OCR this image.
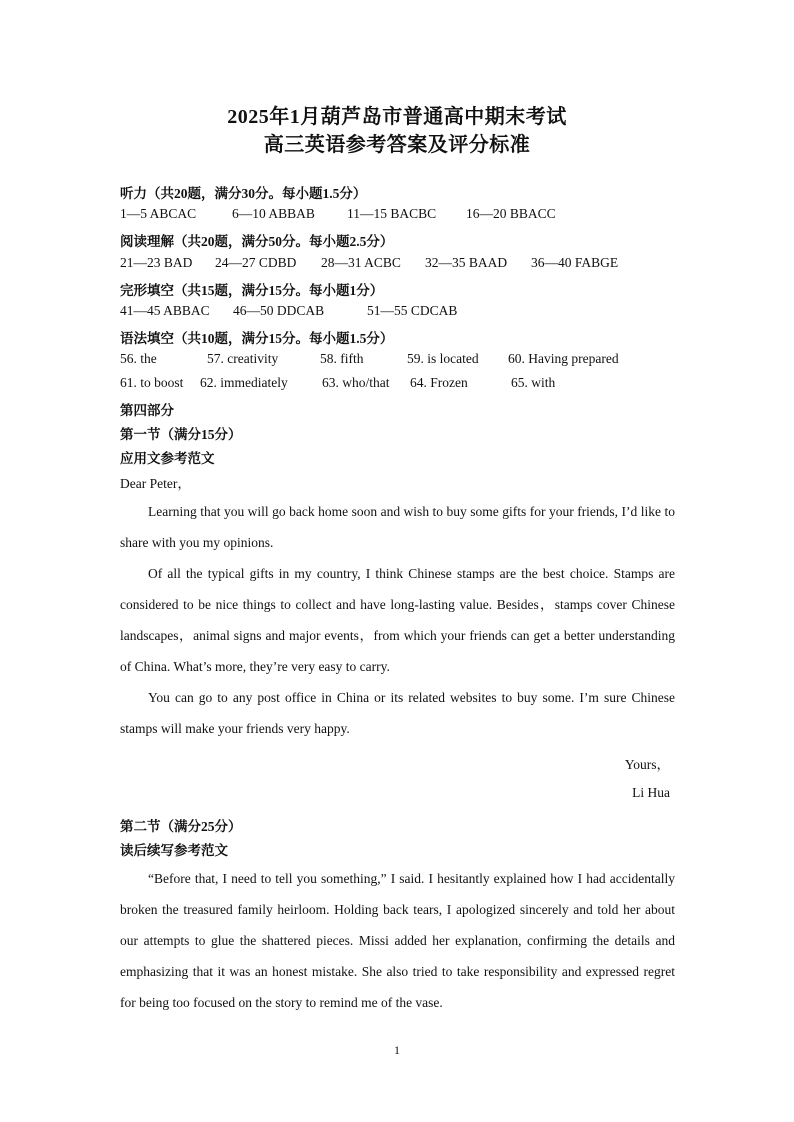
2025年1月葫芦岛市普通高中期末考试
高三英语参考答案及评分标准
听力（共20题，满分30分。每小题1.5分）
1—5 ABCAC	6—10 ABBAB 11—15 BACBC 16—20 BBACC
阅读理解（共20题，满分50分。每小题2.5分）
21—23 BAD 24—27 CDBD 28—31 ACBC 32—35 BAAD 36—40 FABGE
完形填空（共15题，满分15分。每小题1分）
41—45 ABBAC 46—50 DDCAB	51—55 CDCAB
语法填空（共10题，满分15分。每小题1.5分）
56. the	57. creativity	58. fifth	59. is located 60. Having prepared
61. to boost 62. immediately	63. who/that 64. Frozen	65. with
第四部分
第一节（满分15分）
应用文参考范文
Dear Peter，

Learning that you will go back home soon and wish to buy some gifts for your friends, I’d like to share with you my opinions.

Of all the typical gifts in my country, I think Chinese stamps are the best choice. Stamps are considered to be nice things to collect and have long-lasting value. Besides，stamps cover Chinese landscapes，animal signs and major events，from which your friends can get a better understanding of China. What’s more, they’re very easy to carry.

You can go to any post office in China or its related websites to buy some. I’m sure Chinese stamps will make your friends very happy.

Yours，
Li Hua
第二节（满分25分）
读后续写参考范文

“Before that, I need to tell you something,” I said. I hesitantly explained how I had accidentally broken the treasured family heirloom. Holding back tears, I apologized sincerely and told her about our attempts to glue the shattered pieces. Missi added her explanation, confirming the details and emphasizing that it was an honest mistake. She also tried to take responsibility and expressed regret for being too focused on the story to remind me of the vase.

1
